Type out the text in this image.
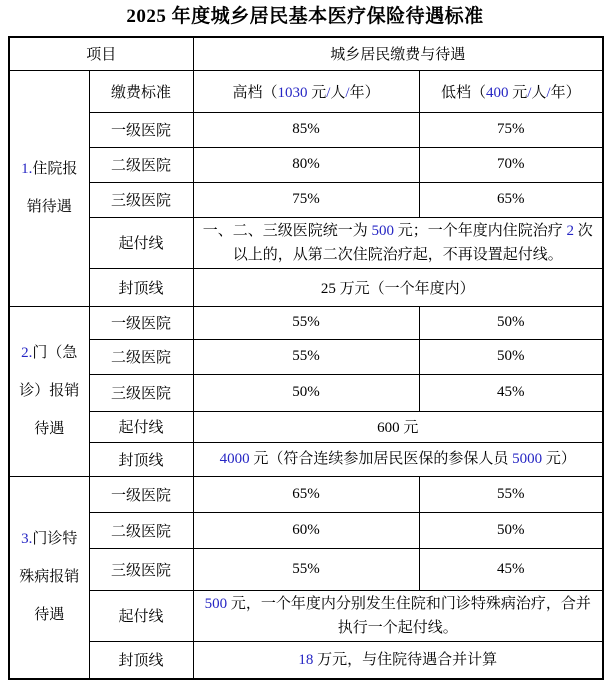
2025 年度城乡居民基本医疗保险待遇标准
项目		城乡居民缴费与待遇	

1.住院报
销待遇	缴费标准	高档（1030 元/人/年）	低档（400 元/人/年）
	一级医院	85%	75%
	二级医院	80%	70%
	三级医院	75%	65%
	起付线	一、二、三级医院统一为 500 元；一个年度内住院治疗 2 次以上的，从第二次住院治疗起，不再设置起付线。	
	封顶线	25 万元（一个年度内）	

2.门（急
诊）报销
待遇	一级医院	55%	50%
	二级医院	55%	50%
	三级医院	50%	45%
	起付线	600 元	
	封顶线	4000 元（符合连续参加居民医保的参保人员 5000 元）	

3.门诊特
殊病报销
待遇	一级医院	65%	55%
	二级医院	60%	50%
	三级医院	55%	45%
	起付线	500 元，一个年度内分别发生住院和门诊特殊病治疗，合并执行一个起付线。	
	封顶线	18 万元，与住院待遇合并计算	
